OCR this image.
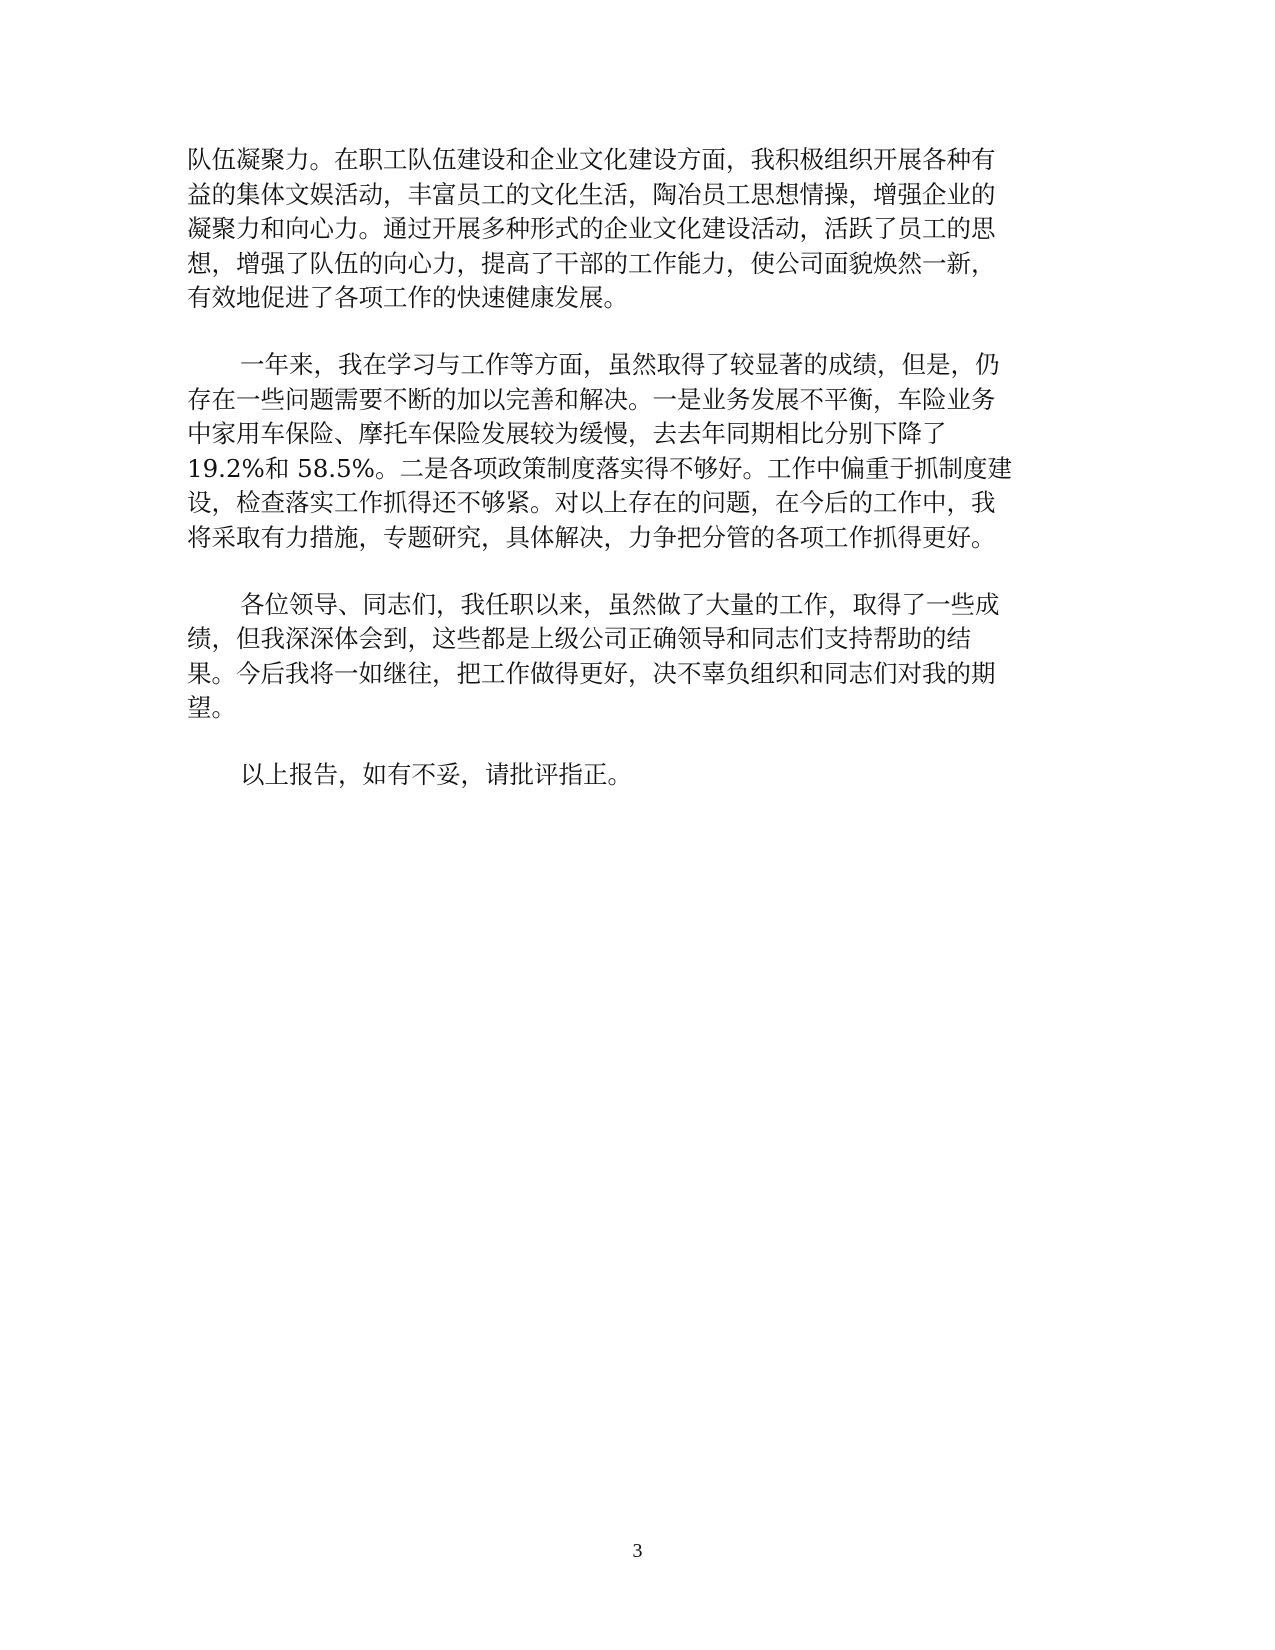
队伍凝聚力。在职工队伍建设和企业文化建设方面，我积极组织开展各种有
益的集体文娱活动，丰富员工的文化生活，陶冶员工思想情操，增强企业的
凝聚力和向心力。通过开展多种形式的企业文化建设活动，活跃了员工的思
想，增强了队伍的向心力，提高了干部的工作能力，使公司面貌焕然一新，
有效地促进了各项工作的快速健康发展。
一年来，我在学习与工作等方面，虽然取得了较显著的成绩，但是，仍
存在一些问题需要不断的加以完善和解决。一是业务发展不平衡，车险业务
中家用车保险、摩托车保险发展较为缓慢，去去年同期相比分别下降了
19.2%和 58.5%。二是各项政策制度落实得不够好。工作中偏重于抓制度建
设，检查落实工作抓得还不够紧。对以上存在的问题，在今后的工作中，我
将采取有力措施，专题研究，具体解决，力争把分管的各项工作抓得更好。
各位领导、同志们，我任职以来，虽然做了大量的工作，取得了一些成
绩，但我深深体会到，这些都是上级公司正确领导和同志们支持帮助的结
果。今后我将一如继往，把工作做得更好，决不辜负组织和同志们对我的期
望。
以上报告，如有不妥，请批评指正。
3
